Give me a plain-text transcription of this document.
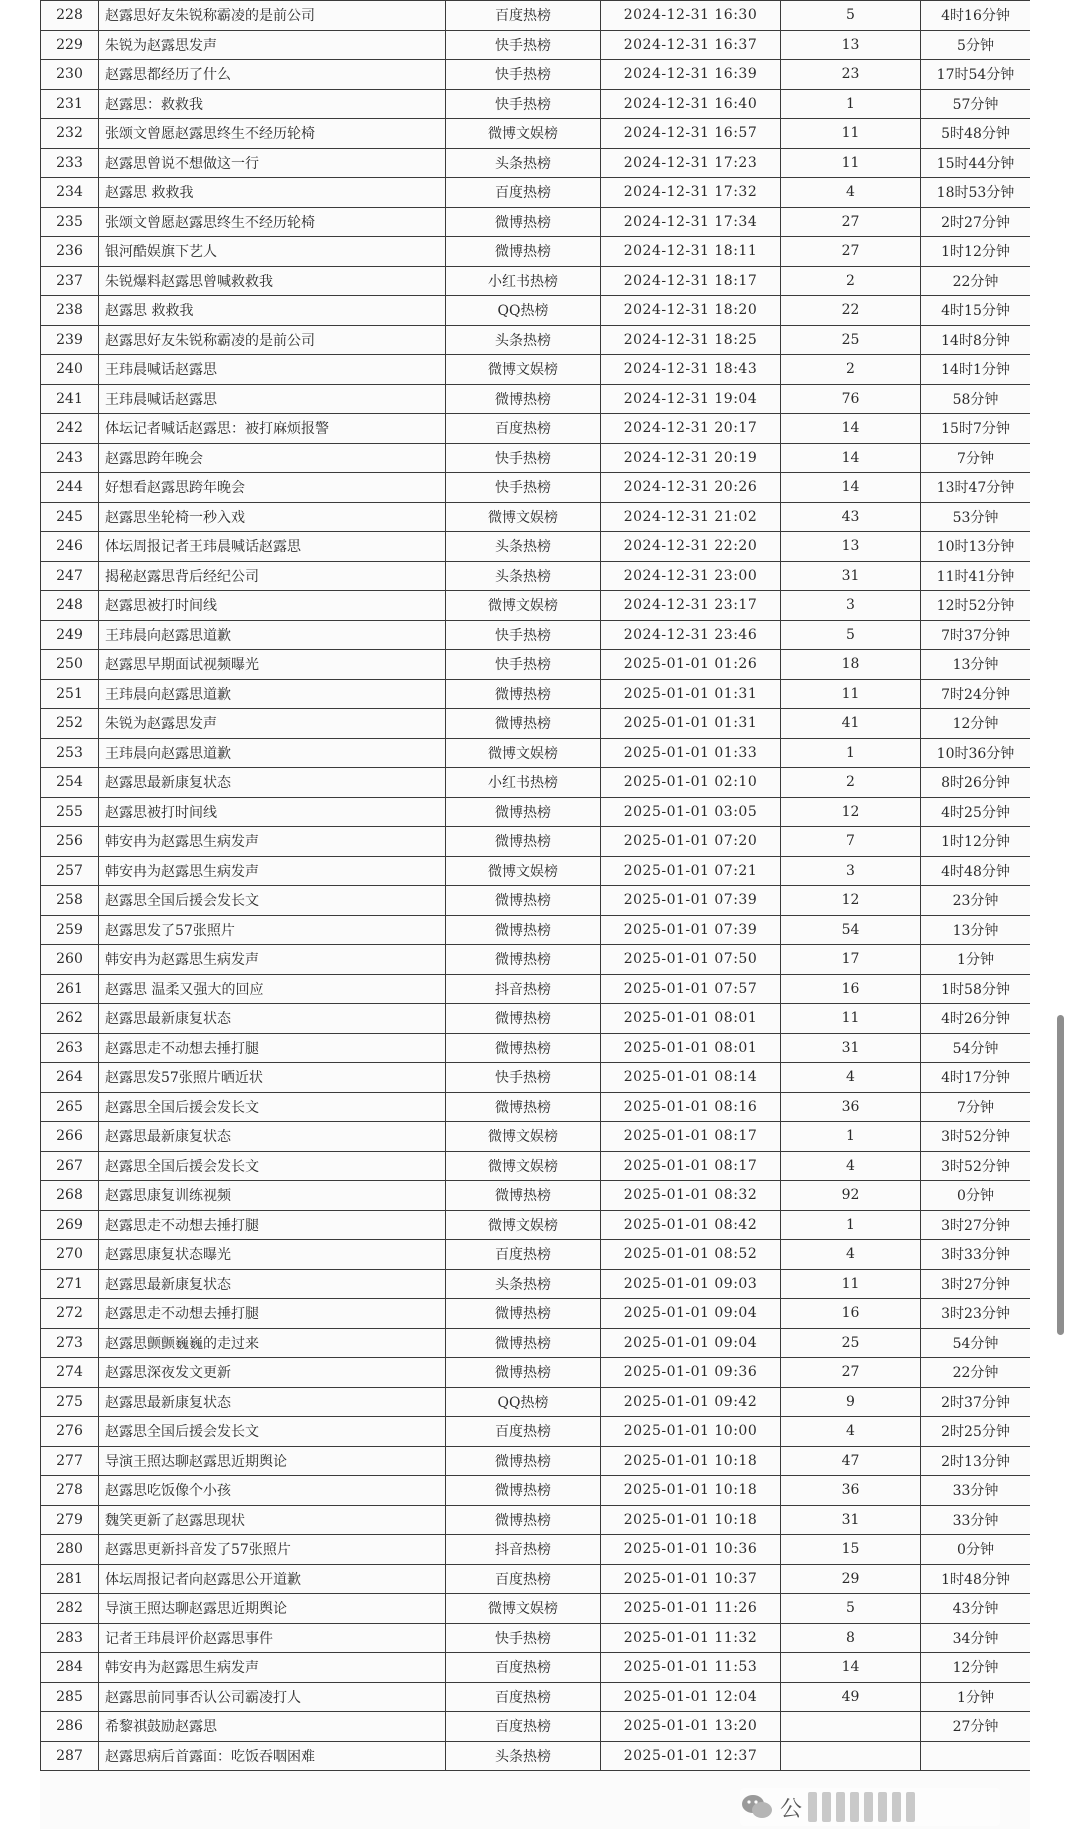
228	赵露思好友朱锐称霸凌的是前公司	百度热榜	2024-12-31 16:30	5	4时16分钟
229	朱锐为赵露思发声	快手热榜	2024-12-31 16:37	13	5分钟
230	赵露思都经历了什么	快手热榜	2024-12-31 16:39	23	17时54分钟
231	赵露思：救救我	快手热榜	2024-12-31 16:40	1	57分钟
232	张颂文曾愿赵露思终生不经历轮椅	微博文娱榜	2024-12-31 16:57	11	5时48分钟
233	赵露思曾说不想做这一行	头条热榜	2024-12-31 17:23	11	15时44分钟
234	赵露思 救救我	百度热榜	2024-12-31 17:32	4	18时53分钟
235	张颂文曾愿赵露思终生不经历轮椅	微博热榜	2024-12-31 17:34	27	2时27分钟
236	银河酷娱旗下艺人	微博热榜	2024-12-31 18:11	27	1时12分钟
237	朱锐爆料赵露思曾喊救救我	小红书热榜	2024-12-31 18:17	2	22分钟
238	赵露思 救救我	QQ热榜	2024-12-31 18:20	22	4时15分钟
239	赵露思好友朱锐称霸凌的是前公司	头条热榜	2024-12-31 18:25	25	14时8分钟
240	王玮晨喊话赵露思	微博文娱榜	2024-12-31 18:43	2	14时1分钟
241	王玮晨喊话赵露思	微博热榜	2024-12-31 19:04	76	58分钟
242	体坛记者喊话赵露思：被打麻烦报警	百度热榜	2024-12-31 20:17	14	15时7分钟
243	赵露思跨年晚会	快手热榜	2024-12-31 20:19	14	7分钟
244	好想看赵露思跨年晚会	快手热榜	2024-12-31 20:26	14	13时47分钟
245	赵露思坐轮椅一秒入戏	微博文娱榜	2024-12-31 21:02	43	53分钟
246	体坛周报记者王玮晨喊话赵露思	头条热榜	2024-12-31 22:20	13	10时13分钟
247	揭秘赵露思背后经纪公司	头条热榜	2024-12-31 23:00	31	11时41分钟
248	赵露思被打时间线	微博文娱榜	2024-12-31 23:17	3	12时52分钟
249	王玮晨向赵露思道歉	快手热榜	2024-12-31 23:46	5	7时37分钟
250	赵露思早期面试视频曝光	快手热榜	2025-01-01 01:26	18	13分钟
251	王玮晨向赵露思道歉	微博热榜	2025-01-01 01:31	11	7时24分钟
252	朱锐为赵露思发声	微博热榜	2025-01-01 01:31	41	12分钟
253	王玮晨向赵露思道歉	微博文娱榜	2025-01-01 01:33	1	10时36分钟
254	赵露思最新康复状态	小红书热榜	2025-01-01 02:10	2	8时26分钟
255	赵露思被打时间线	微博热榜	2025-01-01 03:05	12	4时25分钟
256	韩安冉为赵露思生病发声	微博热榜	2025-01-01 07:20	7	1时12分钟
257	韩安冉为赵露思生病发声	微博文娱榜	2025-01-01 07:21	3	4时48分钟
258	赵露思全国后援会发长文	微博热榜	2025-01-01 07:39	12	23分钟
259	赵露思发了57张照片	微博热榜	2025-01-01 07:39	54	13分钟
260	韩安冉为赵露思生病发声	微博热榜	2025-01-01 07:50	17	1分钟
261	赵露思 温柔又强大的回应	抖音热榜	2025-01-01 07:57	16	1时58分钟
262	赵露思最新康复状态	微博热榜	2025-01-01 08:01	11	4时26分钟
263	赵露思走不动想去捶打腿	微博热榜	2025-01-01 08:01	31	54分钟
264	赵露思发57张照片晒近状	快手热榜	2025-01-01 08:14	4	4时17分钟
265	赵露思全国后援会发长文	微博热榜	2025-01-01 08:16	36	7分钟
266	赵露思最新康复状态	微博文娱榜	2025-01-01 08:17	1	3时52分钟
267	赵露思全国后援会发长文	微博文娱榜	2025-01-01 08:17	4	3时52分钟
268	赵露思康复训练视频	微博热榜	2025-01-01 08:32	92	0分钟
269	赵露思走不动想去捶打腿	微博文娱榜	2025-01-01 08:42	1	3时27分钟
270	赵露思康复状态曝光	百度热榜	2025-01-01 08:52	4	3时33分钟
271	赵露思最新康复状态	头条热榜	2025-01-01 09:03	11	3时27分钟
272	赵露思走不动想去捶打腿	微博热榜	2025-01-01 09:04	16	3时23分钟
273	赵露思颤颤巍巍的走过来	微博热榜	2025-01-01 09:04	25	54分钟
274	赵露思深夜发文更新	微博热榜	2025-01-01 09:36	27	22分钟
275	赵露思最新康复状态	QQ热榜	2025-01-01 09:42	9	2时37分钟
276	赵露思全国后援会发长文	百度热榜	2025-01-01 10:00	4	2时25分钟
277	导演王照达聊赵露思近期舆论	微博热榜	2025-01-01 10:18	47	2时13分钟
278	赵露思吃饭像个小孩	微博热榜	2025-01-01 10:18	36	33分钟
279	魏笑更新了赵露思现状	微博热榜	2025-01-01 10:18	31	33分钟
280	赵露思更新抖音发了57张照片	抖音热榜	2025-01-01 10:36	15	0分钟
281	体坛周报记者向赵露思公开道歉	百度热榜	2025-01-01 10:37	29	1时48分钟
282	导演王照达聊赵露思近期舆论	微博文娱榜	2025-01-01 11:26	5	43分钟
283	记者王玮晨评价赵露思事件	快手热榜	2025-01-01 11:32	8	34分钟
284	韩安冉为赵露思生病发声	百度热榜	2025-01-01 11:53	14	12分钟
285	赵露思前同事否认公司霸凌打人	百度热榜	2025-01-01 12:04	49	1分钟
286	希黎祺鼓励赵露思	百度热榜	2025-01-01 13:20		27分钟
287	赵露思病后首露面：吃饭吞咽困难	头条热榜	2025-01-01 12:37		
公
